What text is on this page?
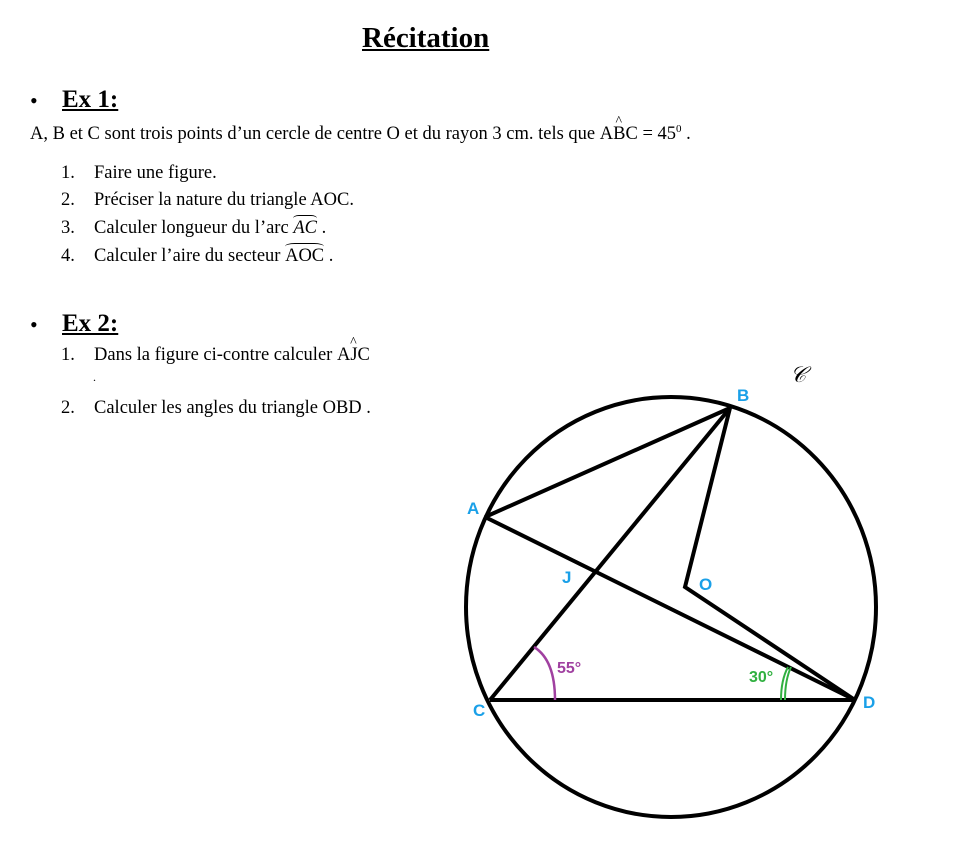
Récitation
• Ex 1:
A, B et C sont trois points d’un cercle de centre O et du rayon 3 cm. tels que ^ ABC = $45^0$ .
1. Faire une figure.
2. Préciser la nature du triangle AOC.
3. Calculer longueur du l’arc AC .
4. Calculer l’aire du secteur AOC .
• Ex 2:
1. Dans la figure ci-contre calculer ^ AJC
.
2. Calculer les angles du triangle OBD .
B
A
J	O
C	D
55°
30°
𝒞
